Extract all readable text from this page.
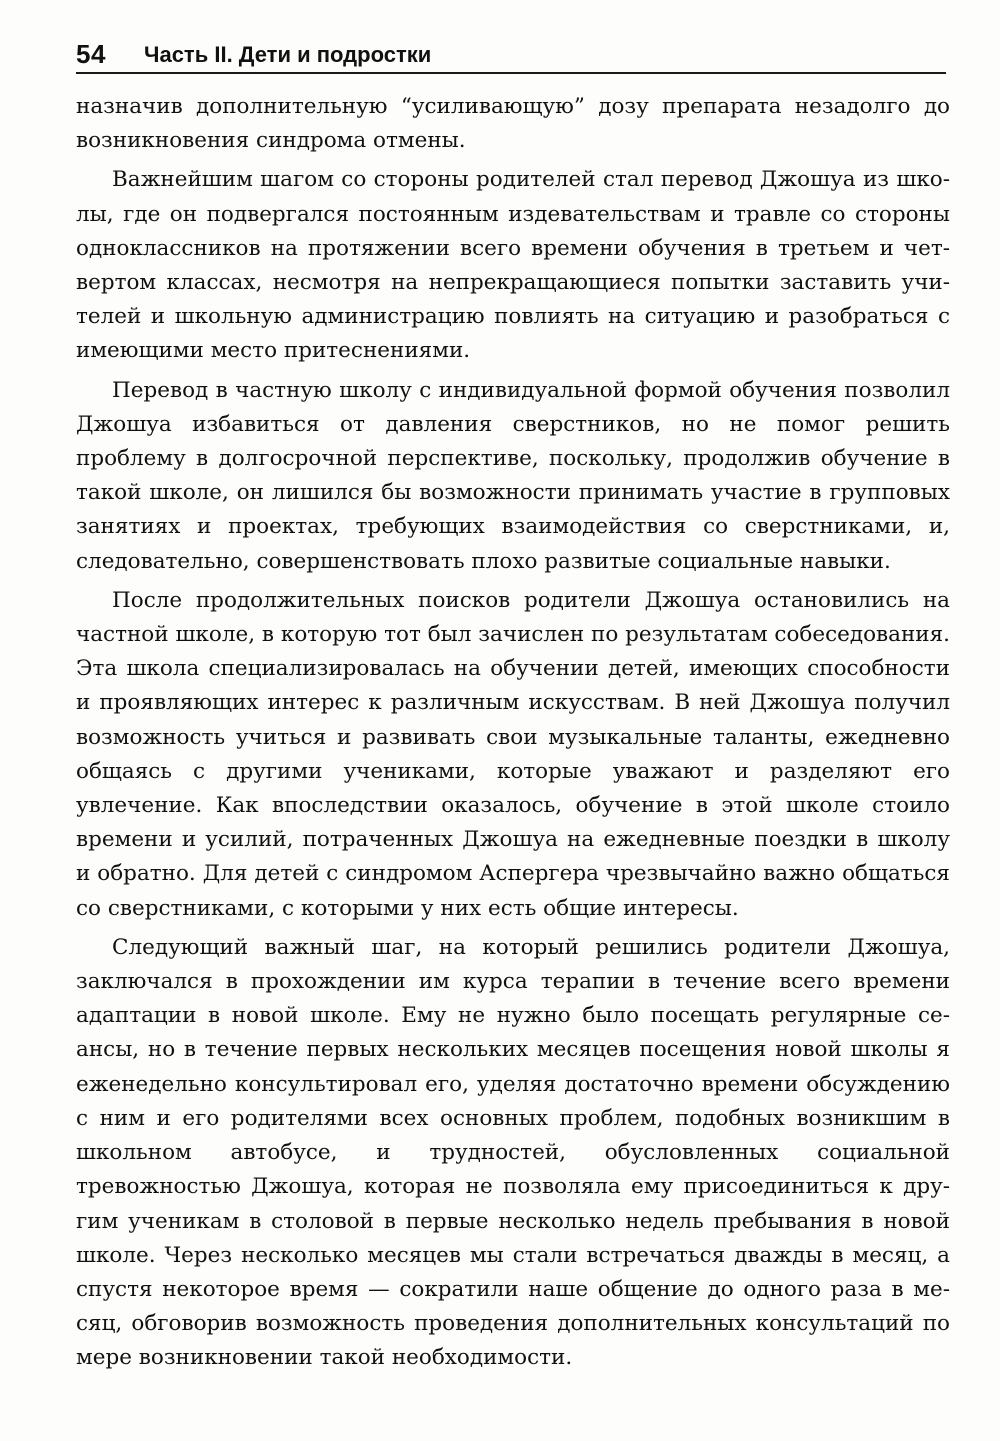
54 Часть II. Дети и подростки

назначив дополнительную “усиливающую” дозу препарата незадолго до возникновения синдрома отмены.

Важнейшим шагом со стороны родителей стал перевод Джошуа из школы, где он подвергался постоянным издевательствам и травле со стороны одноклассников на протяжении всего времени обучения в третьем и четвертом классах, несмотря на непрекращающиеся попытки заставить учителей и школьную администрацию повлиять на ситуацию и разобраться с имеющими место притеснениями.

Перевод в частную школу с индивидуальной формой обучения позволил Джошуа избавиться от давления сверстников, но не помог решить проблему в долгосрочной перспективе, поскольку, продолжив обучение в такой школе, он лишился бы возможности принимать участие в групповых занятиях и проектах, требующих взаимодействия со сверстниками, и, следовательно, совершенствовать плохо развитые социальные навыки.

После продолжительных поисков родители Джошуа остановились на частной школе, в которую тот был зачислен по результатам собеседования. Эта школа специализировалась на обучении детей, имеющих способности и проявляющих интерес к различным искусствам. В ней Джошуа получил возможность учиться и развивать свои музыкальные таланты, ежедневно общаясь с другими учениками, которые уважают и разделяют его увлечение. Как впоследствии оказалось, обучение в этой школе стоило времени и усилий, потраченных Джошуа на ежедневные поездки в школу и обратно. Для детей с синдромом Аспергера чрезвычайно важно общаться со сверстниками, с которыми у них есть общие интересы.

Следующий важный шаг, на который решились родители Джошуа, заключался в прохождении им курса терапии в течение всего времени адаптации в новой школе. Ему не нужно было посещать регулярные сеансы, но в течение первых нескольких месяцев посещения новой школы я еженедельно консультировал его, уделяя достаточно времени обсуждению с ним и его родителями всех основных проблем, подобных возникшим в школьном автобусе, и трудностей, обусловленных социальной тревожностью Джошуа, которая не позволяла ему присоединиться к другим ученикам в столовой в первые несколько недель пребывания в новой школе. Через несколько месяцев мы стали встречаться дважды в месяц, а спустя некоторое время — сократили наше общение до одного раза в месяц, обговорив возможность проведения дополнительных консультаций по мере возникновении такой необходимости.
